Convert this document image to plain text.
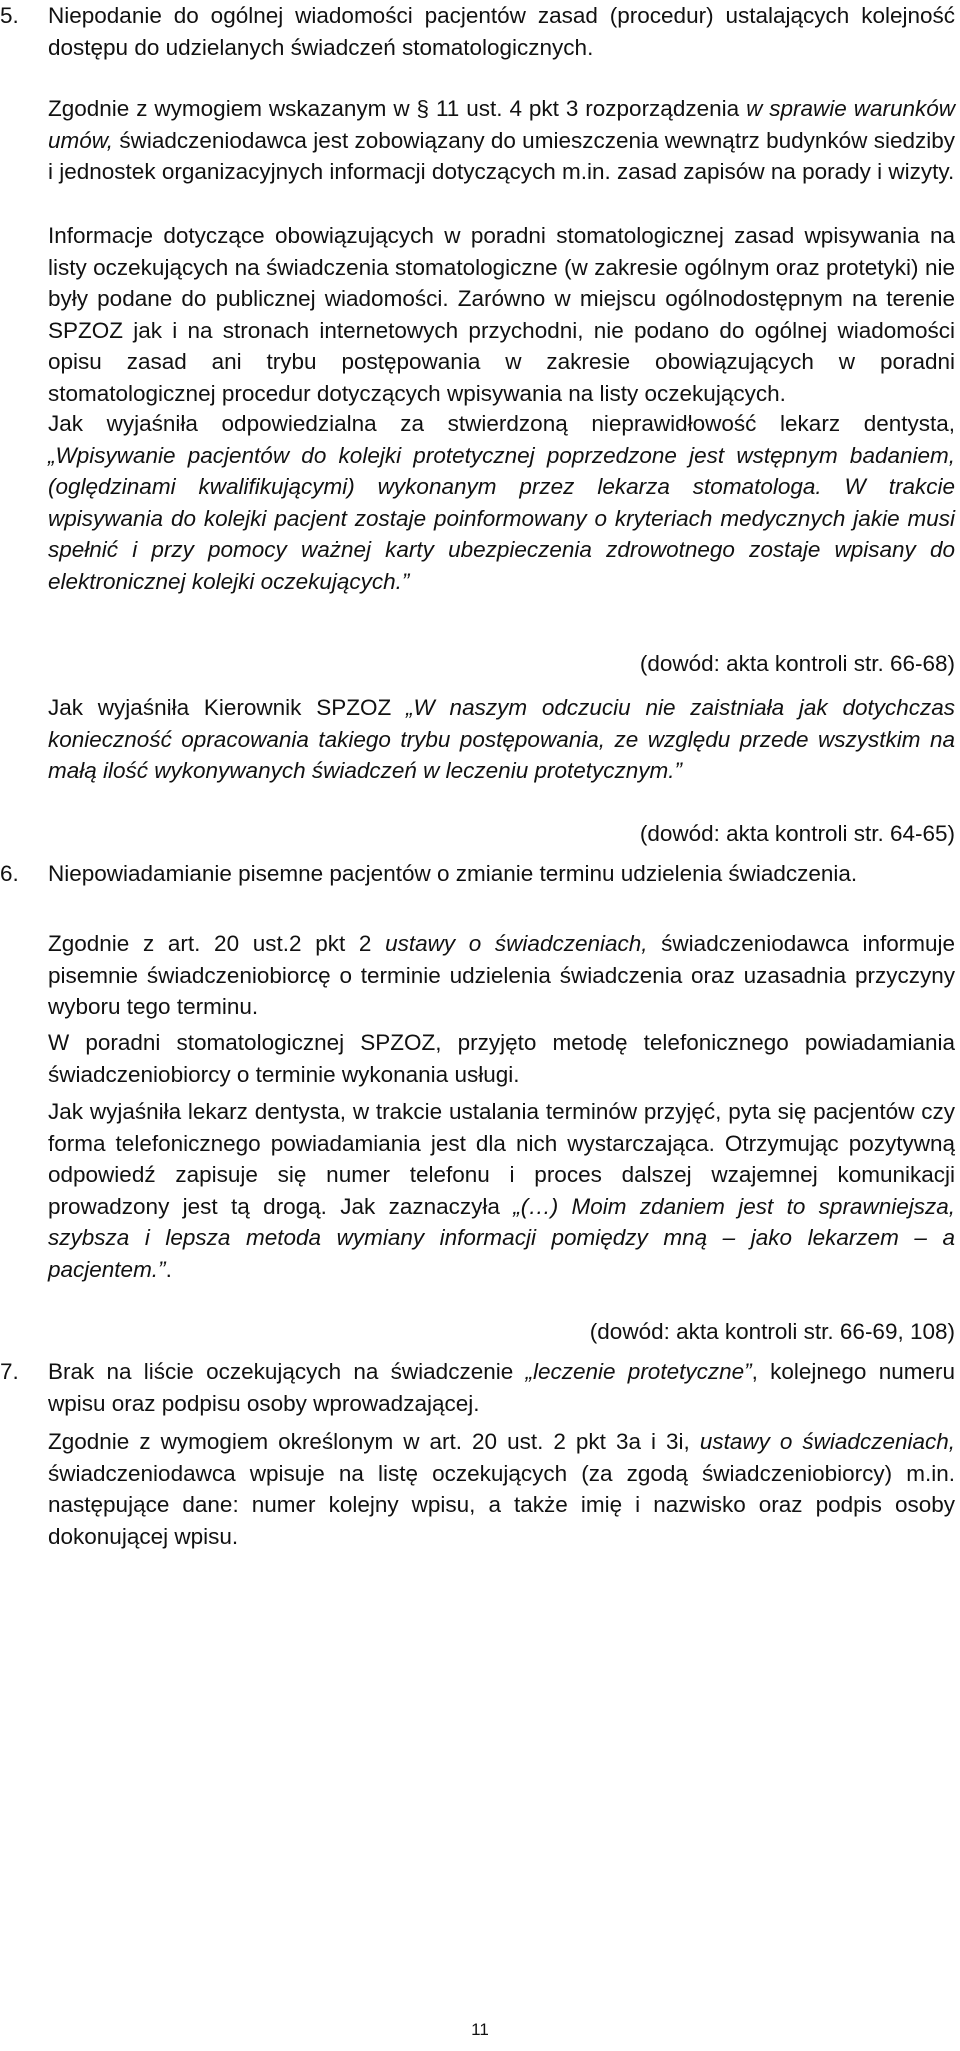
5. Niepodanie do ogólnej wiadomości pacjentów zasad (procedur) ustalających kolejność dostępu do udzielanych świadczeń stomatologicznych.

Zgodnie z wymogiem wskazanym w § 11 ust. 4 pkt 3 rozporządzenia w sprawie warunków umów, świadczeniodawca jest zobowiązany do umieszczenia wewnątrz budynków siedziby i jednostek organizacyjnych informacji dotyczących m.in. zasad zapisów na porady i wizyty.

Informacje dotyczące obowiązujących w poradni stomatologicznej zasad wpisywania na listy oczekujących na świadczenia stomatologiczne (w zakresie ogólnym oraz protetyki) nie były podane do publicznej wiadomości. Zarówno w miejscu ogólnodostępnym na terenie SPZOZ jak i na stronach internetowych przychodni, nie podano do ogólnej wiadomości opisu zasad ani trybu postępowania w zakresie obowiązujących w poradni stomatologicznej procedur dotyczących wpisywania na listy oczekujących.

Jak wyjaśniła odpowiedzialna za stwierdzoną nieprawidłowość lekarz dentysta, „Wpisywanie pacjentów do kolejki protetycznej poprzedzone jest wstępnym badaniem, (oględzinami kwalifikującymi) wykonanym przez lekarza stomatologa. W trakcie wpisywania do kolejki pacjent zostaje poinformowany o kryteriach medycznych jakie musi spełnić i przy pomocy ważnej karty ubezpieczenia zdrowotnego zostaje wpisany do elektronicznej kolejki oczekujących.”

(dowód: akta kontroli str. 66-68)

Jak wyjaśniła Kierownik SPZOZ „W naszym odczuciu nie zaistniała jak dotychczas konieczność opracowania takiego trybu postępowania, ze względu przede wszystkim na małą ilość wykonywanych świadczeń w leczeniu protetycznym.”

(dowód: akta kontroli str. 64-65)

6. Niepowiadamianie pisemne pacjentów o zmianie terminu udzielenia świadczenia.

Zgodnie z art. 20 ust.2 pkt 2 ustawy o świadczeniach, świadczeniodawca informuje pisemnie świadczeniobiorcę o terminie udzielenia świadczenia oraz uzasadnia przyczyny wyboru tego terminu.

W poradni stomatologicznej SPZOZ, przyjęto metodę telefonicznego powiadamiania świadczeniobiorcy o terminie wykonania usługi.

Jak wyjaśniła lekarz dentysta, w trakcie ustalania terminów przyjęć, pyta się pacjentów czy forma telefonicznego powiadamiania jest dla nich wystarczająca. Otrzymując pozytywną odpowiedź zapisuje się numer telefonu i proces dalszej wzajemnej komunikacji prowadzony jest tą drogą. Jak zaznaczyła „(…) Moim zdaniem jest to sprawniejsza, szybsza i lepsza metoda wymiany informacji pomiędzy mną – jako lekarzem – a pacjentem.”.

(dowód: akta kontroli str. 66-69, 108)

7. Brak na liście oczekujących na świadczenie „leczenie protetyczne”, kolejnego numeru wpisu oraz podpisu osoby wprowadzającej.

Zgodnie z wymogiem określonym w art. 20 ust. 2 pkt 3a i 3i, ustawy o świadczeniach, świadczeniodawca wpisuje na listę oczekujących (za zgodą świadczeniobiorcy) m.in. następujące dane: numer kolejny wpisu, a także imię i nazwisko oraz podpis osoby dokonującej wpisu.

11
